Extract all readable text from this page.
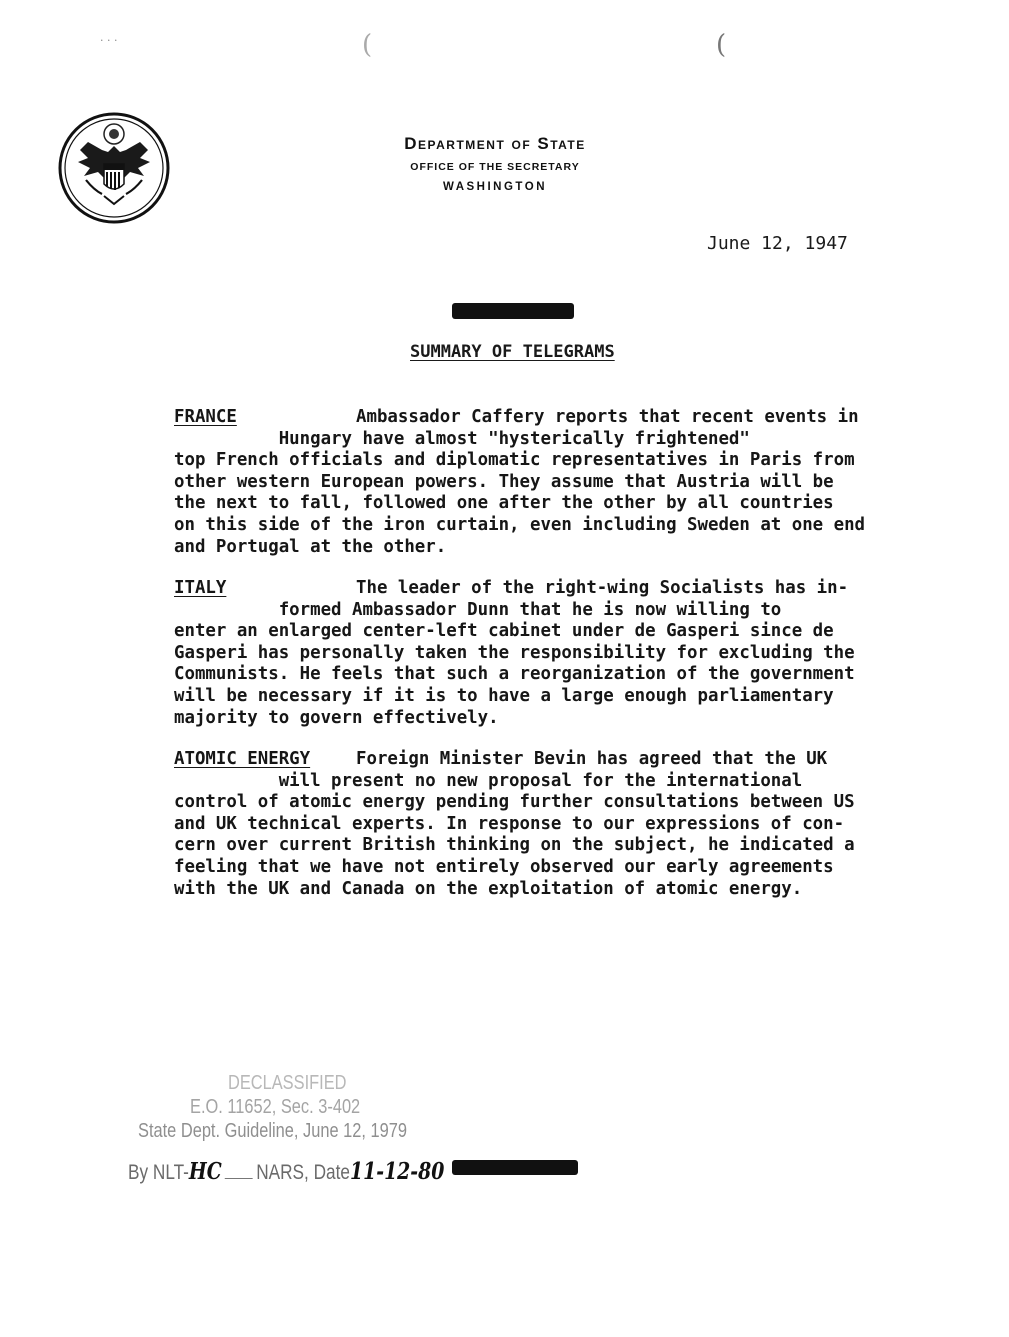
· · ·	(	(
Department of State
OFFICE OF THE SECRETARY
WASHINGTON
June 12, 1947
SUMMARY OF TELEGRAMS
FRANCE	Ambassador Caffery reports that recent events in

Hungary have almost "hysterically frightened"

top French officials and diplomatic representatives in Paris from

other western European powers. They assume that Austria will be

the next to fall, followed one after the other by all countries

on this side of the iron curtain, even including Sweden at one end

and Portugal at the other.

ITALY	The leader of the right-wing Socialists has in-

formed Ambassador Dunn that he is now willing to

enter an enlarged center-left cabinet under de Gasperi since de

Gasperi has personally taken the responsibility for excluding the

Communists. He feels that such a reorganization of the government

will be necessary if it is to have a large enough parliamentary

majority to govern effectively.

ATOMIC ENERGY	Foreign Minister Bevin has agreed that the UK

will present no new proposal for the international

control of atomic energy pending further consultations between US

and UK technical experts. In response to our expressions of con-

cern over current British thinking on the subject, he indicated a

feeling that we have not entirely observed our early agreements

with the UK and Canada on the exploitation of atomic energy.

DECLASSIFIED
E.O. 11652, Sec. 3-402
State Dept. Guideline, June 12, 1979
By NLT-HC NARS, Date11-12-80
